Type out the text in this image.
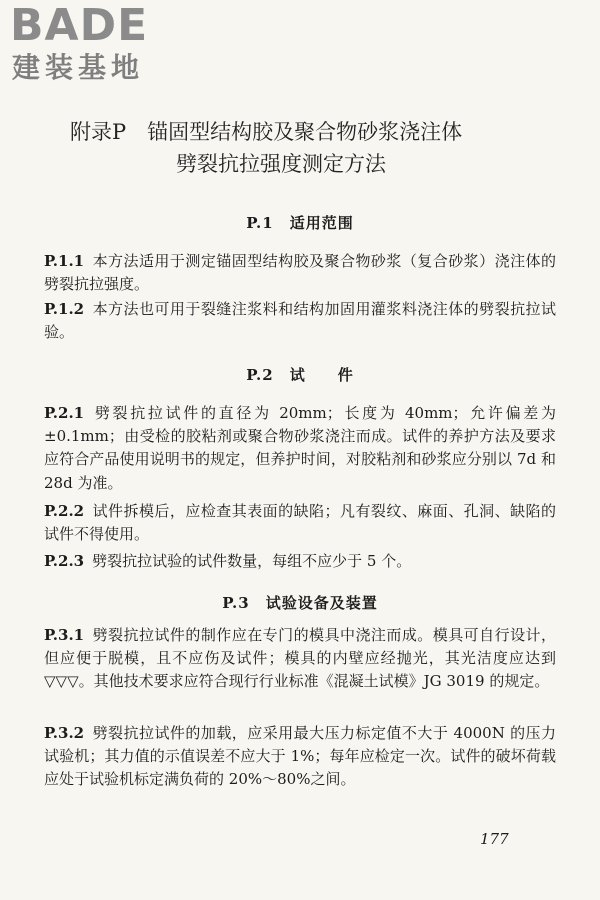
BADE
建装基地
附录P　锚固型结构胶及聚合物砂浆浇注体
劈裂抗拉强度测定方法
P.1　适用范围
P.1.1 本方法适用于测定锚固型结构胶及聚合物砂浆（复合砂浆）浇注体的劈裂抗拉强度。
P.1.2 本方法也可用于裂缝注浆料和结构加固用灌浆料浇注体的劈裂抗拉试验。
P.2　试　　件
P.2.1 劈裂抗拉试件的直径为 20mm；长度为 40mm；允许偏差为±0.1mm；由受检的胶粘剂或聚合物砂浆浇注而成。试件的养护方法及要求应符合产品使用说明书的规定，但养护时间，对胶粘剂和砂浆应分别以 7d 和 28d 为准。
P.2.2 试件拆模后，应检查其表面的缺陷；凡有裂纹、麻面、孔洞、缺陷的试件不得使用。
P.2.3 劈裂抗拉试验的试件数量，每组不应少于 5 个。
P.3　试验设备及装置
P.3.1 劈裂抗拉试件的制作应在专门的模具中浇注而成。模具可自行设计，但应便于脱模，且不应伤及试件；模具的内壁应经抛光，其光洁度应达到▽▽▽。其他技术要求应符合现行行业标准《混凝土试模》JG 3019 的规定。
P.3.2 劈裂抗拉试件的加载，应采用最大压力标定值不大于 4000N 的压力试验机；其力值的示值误差不应大于 1%；每年应检定一次。试件的破坏荷载应处于试验机标定满负荷的 20%～80%之间。
177
